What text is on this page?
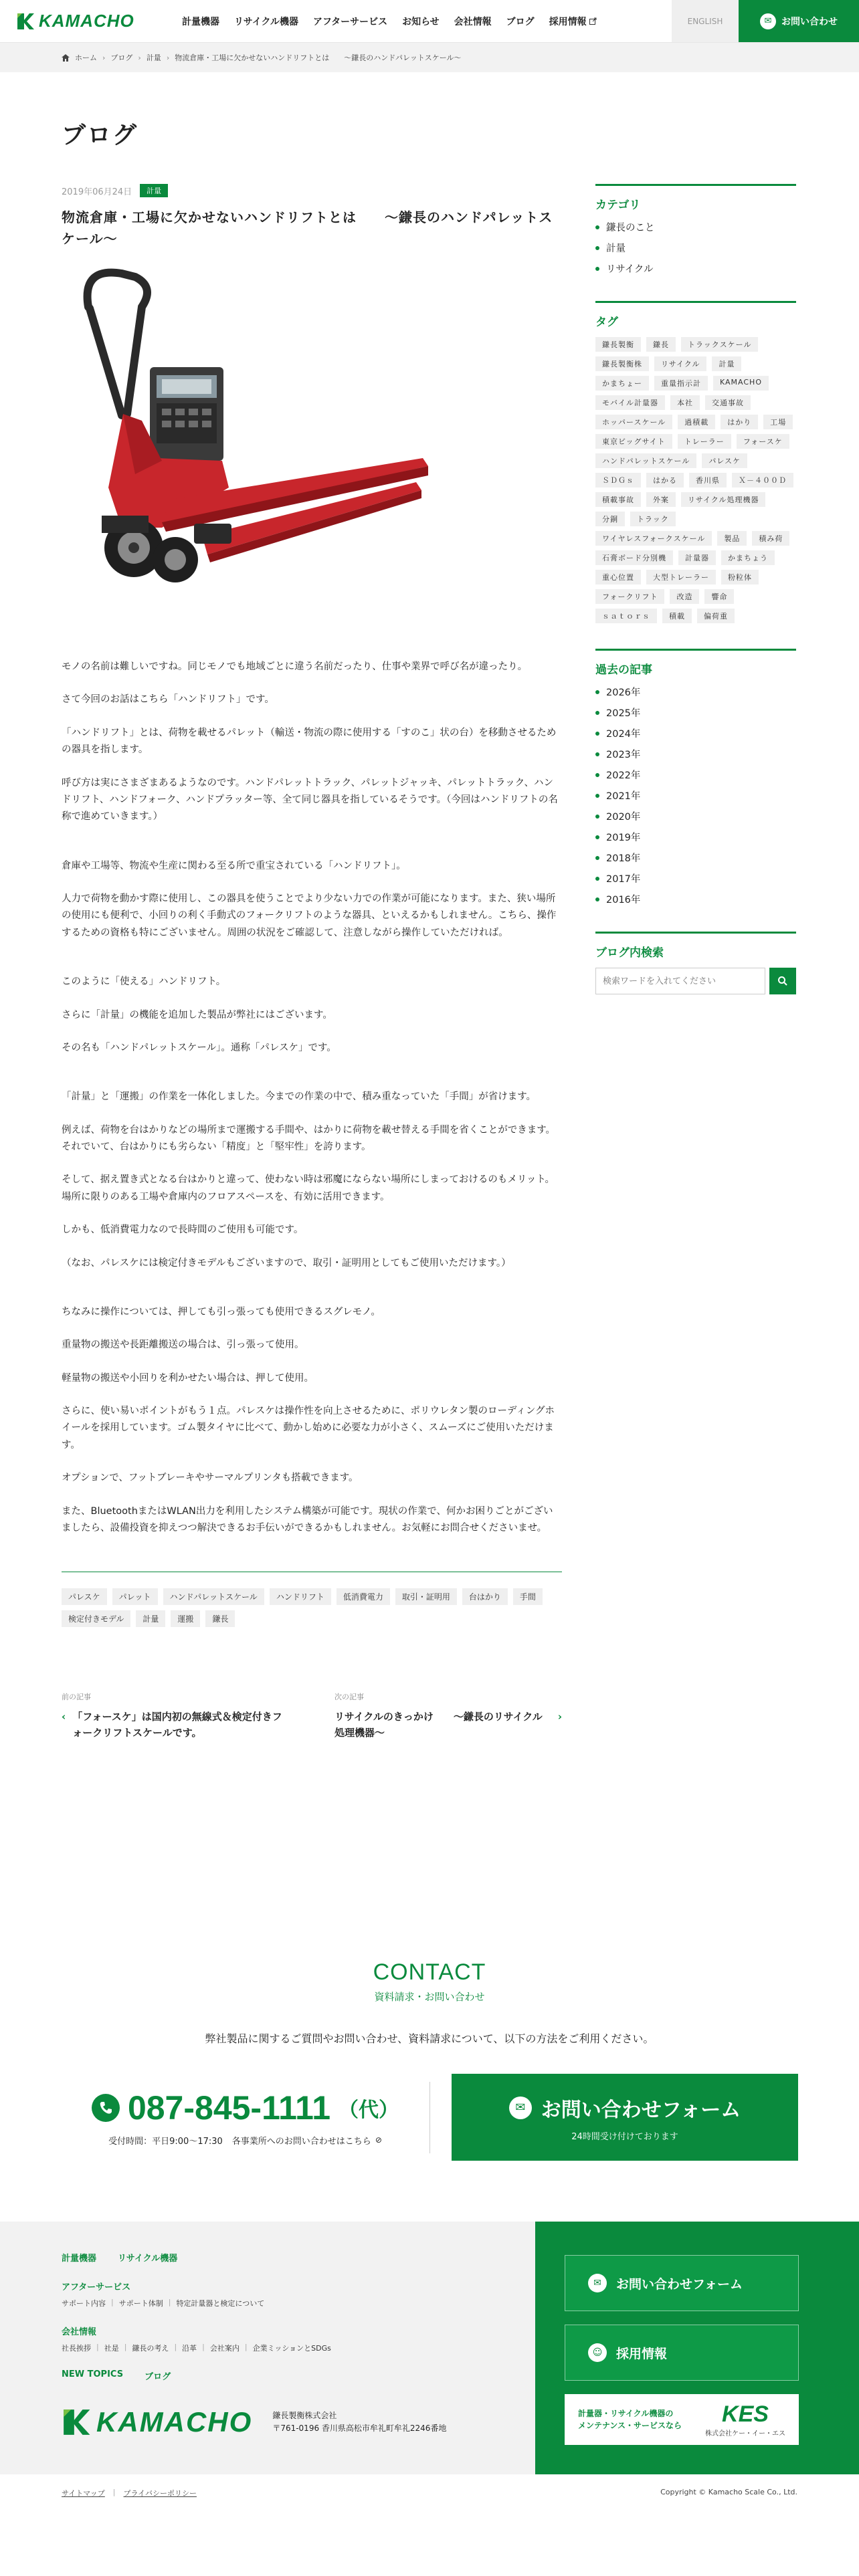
KAMACHO	計量機器 リサイクル機器 アフターサービス お知らせ 会社情報 ブログ 採用情報	ENGLISH	✉	お問い合わせ
ホーム › ブログ › 計量 › 物流倉庫・工場に欠かせないハンドリフトとは　　～鎌長のハンドパレットスケール～
ブログ
2019年06月24日	計量
物流倉庫・工場に欠かせないハンドリフトとは　　～鎌長のハンドパレットスケール～

モノの名前は難しいですね。同じモノでも地域ごとに違う名前だったり、仕事や業界で呼び名が違ったり。

さて今回のお話はこちら「ハンドリフト」です。

「ハンドリフト」とは、荷物を載せるパレット（輸送・物流の際に使用する「すのこ」状の台）を移動させるための器具を指します。

呼び方は実にさまざまあるようなのです。ハンドパレットトラック、パレットジャッキ、パレットトラック、ハンドリフト、ハンドフォーク、ハンドプラッター等、全て同じ器具を指しているそうです。（今回はハンドリフトの名称で進めていきます。）

倉庫や工場等、物流や生産に関わる至る所で重宝されている「ハンドリフト」。

人力で荷物を動かす際に使用し、この器具を使うことでより少ない力での作業が可能になります。また、狭い場所の使用にも便利で、小回りの利く手動式のフォークリフトのような器具、といえるかもしれません。こちら、操作するための資格も特にございません。周囲の状況をご確認して、注意しながら操作していただければ。

このように「使える」ハンドリフト。

さらに「計量」の機能を追加した製品が弊社にはございます。

その名も「ハンドパレットスケール」。通称「パレスケ」です。

「計量」と「運搬」の作業を一体化しました。今までの作業の中で、積み重なっていた「手間」が省けます。

例えば、荷物を台はかりなどの場所まで運搬する手間や、はかりに荷物を載せ替える手間を省くことができます。それでいて、台はかりにも劣らない「精度」と「堅牢性」を誇ります。

そして、据え置き式となる台はかりと違って、使わない時は邪魔にならない場所にしまっておけるのもメリット。場所に限りのある工場や倉庫内のフロアスペースを、有効に活用できます。

しかも、低消費電力なので長時間のご使用も可能です。

（なお、パレスケには検定付きモデルもございますので、取引・証明用としてもご使用いただけます。）

ちなみに操作については、押しても引っ張っても使用できるスグレモノ。

重量物の搬送や長距離搬送の場合は、引っ張って使用。

軽量物の搬送や小回りを利かせたい場合は、押して使用。

さらに、使い易いポイントがもう１点。パレスケは操作性を向上させるために、ポリウレタン製のローディングホイールを採用しています。ゴム製タイヤに比べて、動かし始めに必要な力が小さく、スムーズにご使用いただけます。

オプションで、フットブレーキやサーマルプリンタも搭載できます。

また、BluetoothまたはWLAN出力を利用したシステム構築が可能です。現状の作業で、何かお困りごとがございましたら、設備投資を抑えつつ解決できるお手伝いができるかもしれません。お気軽にお問合せくださいませ。

パレスケ	パレット	ハンドパレットスケール	ハンドリフト	低消費電力	取引・証明用	台はかり	手間
検定付きモデル	計量	運搬	鎌長
前の記事
‹ 「フォースケ」は国内初の無線式＆検定付きフォークリフトスケールです。
次の記事
リサイクルのきっかけ　　～鎌長のリサイクル処理機器～
›
カテゴリ
鎌長のこと
計量
リサイクル
タグ
鎌長製衡	鎌長	トラックスケール
鎌長製衡株	リサイクル	計量
かまちょー	重量指示計	KAMACHO
モバイル計量器	本社	交通事故
ホッパースケール	過積載	はかり	工場
東京ビッグサイト	トレーラー	フォースケ
ハンドパレットスケール	パレスケ
ＳＤＧｓ	はかる	香川県	Ｘ－４００Ｄ
積載事故	外案	リサイクル処理機器
分銅	トラック
ワイヤレスフォークスケール	製品	積み荷
石膏ボード分別機	計量器	かまちょう
重心位置	大型トレーラー	粉粒体
フォークリフト	改造	響命
ｓａｔｏｒｓ	積載	偏荷重
過去の記事
2026年
2025年
2024年
2023年
2022年
2021年
2020年
2019年
2018年
2017年
2016年
ブログ内検索
検索ワードを入れてください
CONTACT
資料請求・お問い合わせ
弊社製品に関するご質問やお問い合わせ、資料請求について、以下の方法をご利用ください。
087-845-1111 （代）
受付時間：平日9:00～17:30 各事業所へのお問い合わせはこちら ⊘
✉ お問い合わせフォーム
24時間受け付けております
計量機器 リサイクル機器
アフターサービス
サポート内容 | サポート体制 | 特定計量器と検定について
会社情報
社長挨拶 | 社是 | 鎌長の考え | 沿革 | 会社案内 | 企業ミッションとSDGs
NEW TOPICS ブログ
KAMACHO	鎌長製衡株式会社
〒761-0196 香川県高松市牟礼町牟礼2246番地
✉	お問い合わせフォーム
☺	採用情報
計量器・リサイクル機器の
メンテナンス・サービスなら	KES
株式会社ケー・イー・エス
サイトマップ | プライバシーポリシー	Copyright © Kamacho Scale Co., Ltd.
